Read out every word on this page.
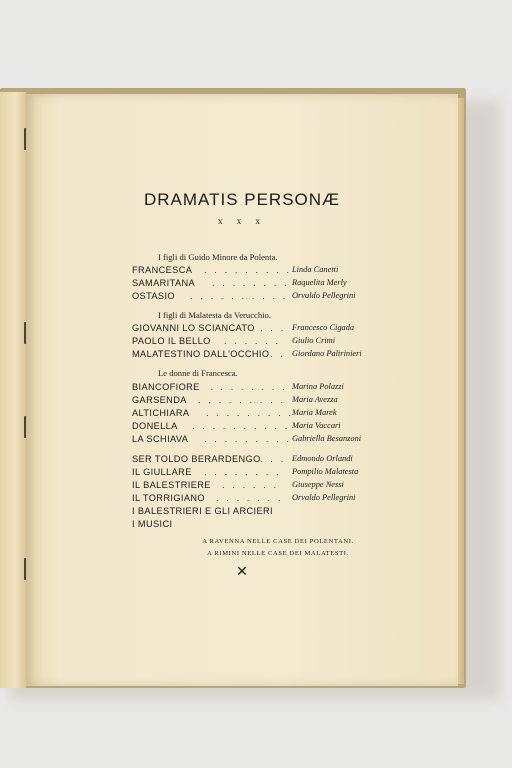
DRAMATIS PERSONÆ
x x x
I figli di Guido Minore da Polenta.
FRANCESCA . . . . . . . . . Linda Canetti
SAMARITANA . . . . . . . . Raquelita Merly
OSTASIO . . . . . . . . . . Orvaldo Pellegrini
I figli di Malatesta da Verucchio.
GIOVANNI LO SCIANCATO . . . Francesco Cigada
PAOLO IL BELLO . . . . . . Giulio Crimi
MALATESTINO DALL'OCCHIO . . Giordano Paltrinieri
Le donne di Francesca.
BIANCOFIORE . . . . . . . . Marina Polazzi
GARSENDA . . . . . . . . . Maria Avezza
ALTICHIARA . . . . . . . . .
Maria Marek
DONELLA . . . . . . . . . . Maria Vaccari
LA SCHIAVA . . . . . . . . . Gabriella Besanzoni
SER TOLDO BERARDENGO . . . Edmondo Orlandi
IL GIULLARE . . . . . . . . Pompilio Malatesta
IL BALESTRIERE . . . . . . Giuseppe Nessi
IL TORRIGIANO . . . . . . . Orvaldo Pellegrini
I BALESTRIERI E GLI ARCIERI
I MUSICI
A RAVENNA NELLE CASE DEI POLENTANI.
A RIMINI NELLE CASE DEI MALATESTI.
✕
